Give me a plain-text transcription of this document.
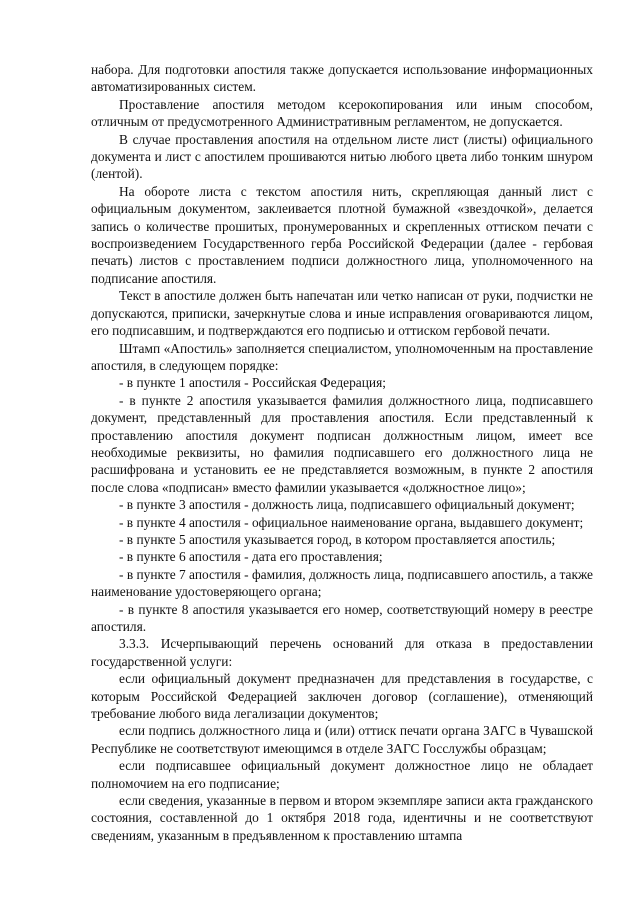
набора. Для подготовки апостиля также допускается использование информационных автоматизированных систем.

Проставление апостиля методом ксерокопирования или иным способом, отличным от предусмотренного Административным регламентом, не допускается.

В случае проставления апостиля на отдельном листе лист (листы) официального документа и лист с апостилем прошиваются нитью любого цвета либо тонким шнуром (лентой).

На обороте листа с текстом апостиля нить, скрепляющая данный лист с официальным документом, заклеивается плотной бумажной «звездочкой», делается запись о количестве прошитых, пронумерованных и скрепленных оттиском печати с воспроизведением Государственного герба Российской Федерации (далее - гербовая печать) листов с проставлением подписи должностного лица, уполномоченного на подписание апостиля.

Текст в апостиле должен быть напечатан или четко написан от руки, подчистки не допускаются, приписки, зачеркнутые слова и иные исправления оговариваются лицом, его подписавшим, и подтверждаются его подписью и оттиском гербовой печати.

Штамп «Апостиль» заполняется специалистом, уполномоченным на проставление апостиля, в следующем порядке:

- в пункте 1 апостиля - Российская Федерация;

- в пункте 2 апостиля указывается фамилия должностного лица, подписавшего документ, представленный для проставления апостиля. Если представленный к проставлению апостиля документ подписан должностным лицом, имеет все необходимые реквизиты, но фамилия подписавшего его должностного лица не расшифрована и установить ее не представляется возможным, в пункте 2 апостиля после слова «подписан» вместо фамилии указывается «должностное лицо»;

- в пункте 3 апостиля - должность лица, подписавшего официальный документ;

- в пункте 4 апостиля - официальное наименование органа, выдавшего документ;

- в пункте 5 апостиля указывается город, в котором проставляется апостиль;

- в пункте 6 апостиля - дата его проставления;

- в пункте 7 апостиля - фамилия, должность лица, подписавшего апостиль, а также наименование удостоверяющего органа;

- в пункте 8 апостиля указывается его номер, соответствующий номеру в реестре апостиля.

3.3.3. Исчерпывающий перечень оснований для отказа в предоставлении государственной услуги:

если официальный документ предназначен для представления в государстве, с которым Российской Федерацией заключен договор (соглашение), отменяющий требование любого вида легализации документов;

если подпись должностного лица и (или) оттиск печати органа ЗАГС в Чувашской Республике не соответствуют имеющимся в отделе ЗАГС Госслужбы образцам;

если подписавшее официальный документ должностное лицо не обладает полномочием на его подписание;

если сведения, указанные в первом и втором экземпляре записи акта гражданского состояния, составленной до 1 октября 2018 года, идентичны и не соответствуют сведениям, указанным в предъявленном к проставлению штампа
